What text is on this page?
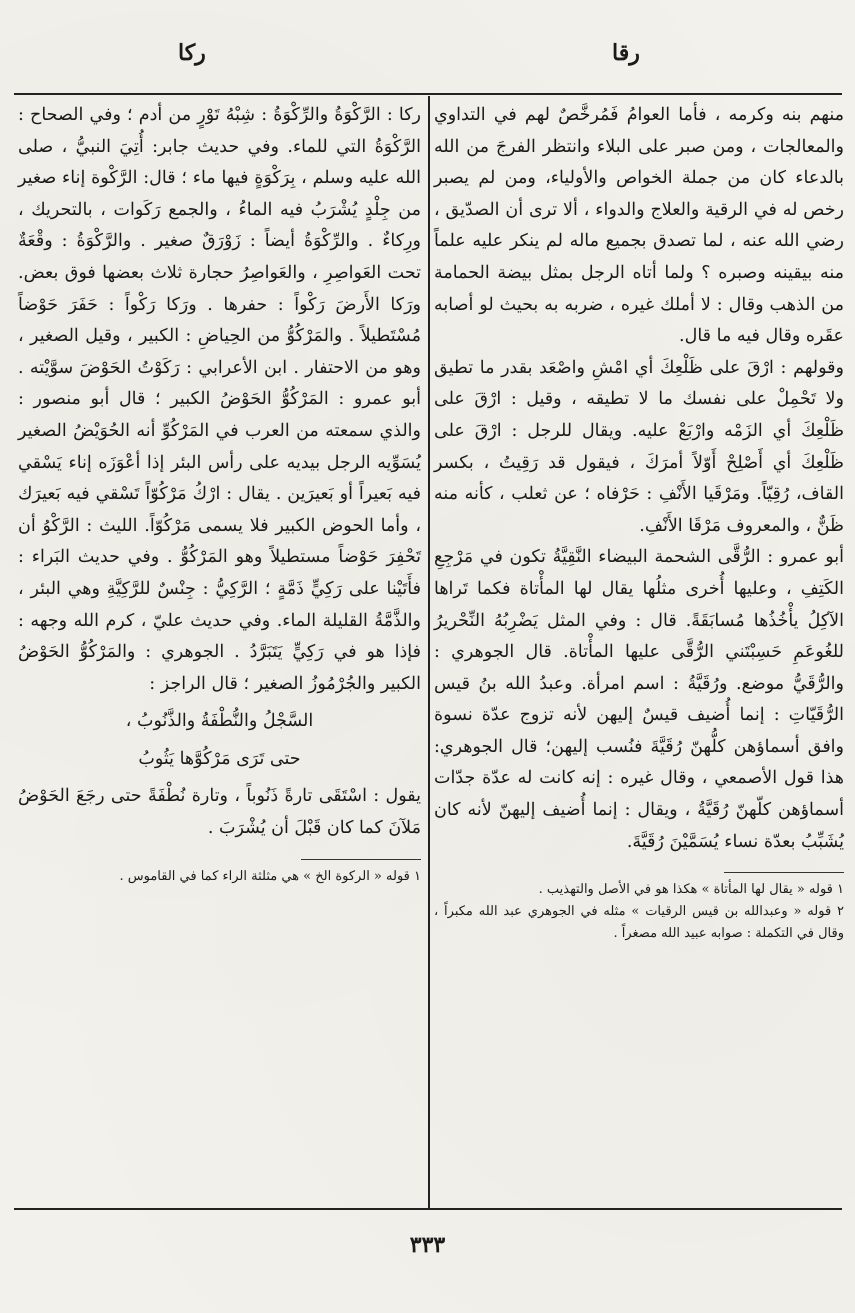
رقا
ركا

منهم بنه وكرمه ، فأما العوامُ فَمُرخَّصٌ لهم في التداوي والمعالجات ، ومن صبر على البلاء وانتظر الفرجَ من الله بالدعاء كان من جملة الخواص والأولياء، ومن لم يصبر رخص له في الرقية والعلاج والدواء ، ألا ترى أن الصدّيق ، رضي الله عنه ، لما تصدق بجميع ماله لم ينكر عليه علماً منه بيقينه وصبره ؟ ولما أتاه الرجل بمثل بيضة الحمامة من الذهب وقال : لا أملك غيره ، ضربه به بحيث لو أصابه عقَره وقال فيه ما قال.

وقولهم : ارْقَ على ظَلْعِكَ أي امْشِ واصْعَد بقدر ما تطيق ولا تَحْمِلْ على نفسك ما لا تطيقه ، وقيل : ارْقَ على ظَلْعِكَ أي الزَمْه وارْبَعْ عليه. ويقال للرجل : ارْقَ على ظَلْعِكَ أي أَصْلِحْ أَوّلاً أمرَكَ ، فيقول قد رَقِيتُ ، بكسر القاف، رُقِيّاً. ومَرْقَيا الأَنْفِ : حَرْفاه ؛ عن ثعلب ، كأنه منه ظَنٌّ ، والمعروف مَرْقَا الأَنْفِ.

أبو عمرو : الرُّقَّى الشحمة البيضاء النَّقِيَّةُ تكون في مَرْجِعِ الكَتِفِ ، وعليها أُخرى مثلُها يقال لها المأْتاة فكما تَراها الآكِلُ يأْخُذُها مُسابَقَةً. قال : وفي المثل يَضْرِبُهُ النِّحْريرُ للغُوعَمِ حَسِبْتَني الرُّقَّى عليها المأْتاة. قال الجوهري : والرُّقَيُّ موضع. ورُقَيَّةُ : اسم امرأة. وعبدُ الله بنُ قيس الرُّقَيّاتِ : إنما أُضيف قيسٌ إليهن لأنه تزوج عدّة نسوة وافق أسماؤهن كلُّهنّ رُقَيَّةَ فنُسب إليهن؛ قال الجوهري: هذا قول الأصمعي ، وقال غيره : إنه كانت له عدّة جدّات أسماؤهن كلّهنّ رُقَيَّةُ ، ويقال : إنما أُضيف إليهنّ لأنه كان يُشَبِّبُ بعدّة نساء يُسَمَّيْنَ رُقَيَّةَ.

١ قوله « يقال لها المأتاة » هكذا هو في الأصل والتهذيب .

٢ قوله « وعبدالله بن قيس الرقيات » مثله في الجوهري عبد الله مكبراً ، وقال في التكملة : صوابه عبيد الله مصغراً .

ركا : الرَّكْوَةُ والرِّكْوَةُ : شِبْهُ تَوْرٍ من أدم ؛ وفي الصحاح : الرَّكْوَةُ التي للماء. وفي حديث جابر: أُتِيَ النبيُّ ، صلى الله عليه وسلم ، بِرَكْوَةٍ فيها ماء ؛ قال: الرَّكْوة إناء صغير من جِلْدٍ يُشْرَبُ فيه الماءُ ، والجمع رَكَوات ، بالتحريك ، ورِكاءٌ . والرِّكْوَةُ أيضاً : زَوْرَقٌ صغير . والرَّكْوَةُ : وقْعَةٌ تحت العَواصِرِ ، والعَواصِرُ حجارة ثلاث بعضها فوق بعض. ورَكا الأَرضَ رَكْواً : حفرها . ورَكا رَكْواً : حَفَرَ حَوْضاً مُسْتَطيلاً . والمَرْكُوُّ من الحِياضِ : الكبير ، وقيل الصغير ، وهو من الاحتفار . ابن الأعرابي : رَكَوْتُ الحَوْضَ سوَّيْته . أبو عمرو : المَرْكُوُّ الحَوْضُ الكبير ؛ قال أبو منصور : والذي سمعته من العرب في المَرْكُوِّ أنه الحُوَيْضُ الصغير يُسَوِّيه الرجل بيديه على رأس البئر إذا أعْوَزَه إناء يَسْقي فيه بَعيراً أو بَعيرَين . يقال : ارْكُ مَرْكُوّاً تَسْقي فيه بَعيرَك ، وأما الحوض الكبير فلا يسمى مَرْكُوّاً. الليث : الرَّكْوُ أن تَحْفِرَ حَوْضاً مستطيلاً وهو المَرْكُوُّ . وفي حديث البَراء : فأَتَيْنا على رَكِيٍّ ذَمَّةٍ ؛ الرَّكِيُّ : جِنْسٌ للرَّكِيَّةِ وهي البئر ، والذَّمَّةُ القليلة الماء. وفي حديث عليّ ، كرم الله وجهه : فإذا هو في رَكِيٍّ يَتَبَرَّدُ . الجوهري : والمَرْكُوُّ الحَوْضُ الكبير والجُرْمُوزُ الصغير ؛ قال الراجز :

السَّجْلُ والنُّطْفَةُ والذَّنُوبُ ،

حتى تَرَى مَرْكُوَّها يَثُوبُ

يقول : اسْتَقَى تارةً ذَنُوباً ، وتارة نُطْفَةً حتى رجَعَ الحَوْضُ مَلآنَ كما كان قَبْلَ أن يُشْرَبَ .

١ قوله « الركوة الخ » هي مثلثة الراء كما في القاموس .

٣٣٣
